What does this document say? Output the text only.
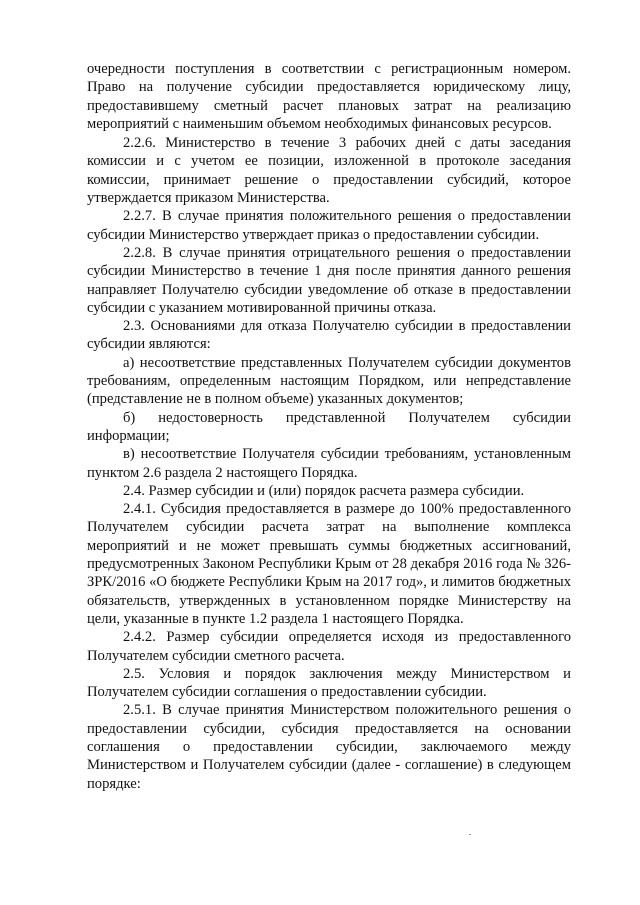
очередности поступления в соответствии с регистрационным номером. Право на получение субсидии предоставляется юридическому лицу, предоставившему сметный расчет плановых затрат на реализацию мероприятий с наименьшим объемом необходимых финансовых ресурсов.

2.2.6. Министерство в течение 3 рабочих дней с даты заседания комиссии и с учетом ее позиции, изложенной в протоколе заседания комиссии, принимает решение о предоставлении субсидий, которое утверждается приказом Министерства.

2.2.7. В случае принятия положительного решения о предоставлении субсидии Министерство утверждает приказ о предоставлении субсидии.

2.2.8. В случае принятия отрицательного решения о предоставлении субсидии Министерство в течение 1 дня после принятия данного решения направляет Получателю субсидии уведомление об отказе в предоставлении субсидии с указанием мотивированной причины отказа.

2.3. Основаниями для отказа Получателю субсидии в предоставлении субсидии являются:

а) несоответствие представленных Получателем субсидии документов требованиям, определенным настоящим Порядком, или непредставление (представление не в полном объеме) указанных документов;

б) недостоверность представленной Получателем субсидии информации;

в) несоответствие Получателя субсидии требованиям, установленным пунктом 2.6 раздела 2 настоящего Порядка.

2.4. Размер субсидии и (или) порядок расчета размера субсидии.

2.4.1. Субсидия предоставляется в размере до 100% предоставленного Получателем субсидии расчета затрат на выполнение комплекса мероприятий и не может превышать суммы бюджетных ассигнований, предусмотренных Законом Республики Крым от 28 декабря 2016 года № 326-ЗРК/2016 «О бюджете Республики Крым на 2017 год», и лимитов бюджетных обязательств, утвержденных в установленном порядке Министерству на цели, указанные в пункте 1.2 раздела 1 настоящего Порядка.

2.4.2. Размер субсидии определяется исходя из предоставленного Получателем субсидии сметного расчета.

2.5. Условия и порядок заключения между Министерством и Получателем субсидии соглашения о предоставлении субсидии.

2.5.1. В случае принятия Министерством положительного решения о предоставлении субсидии, субсидия предоставляется на основании соглашения о предоставлении субсидии, заключаемого между Министерством и Получателем субсидии (далее - соглашение) в следующем порядке:
